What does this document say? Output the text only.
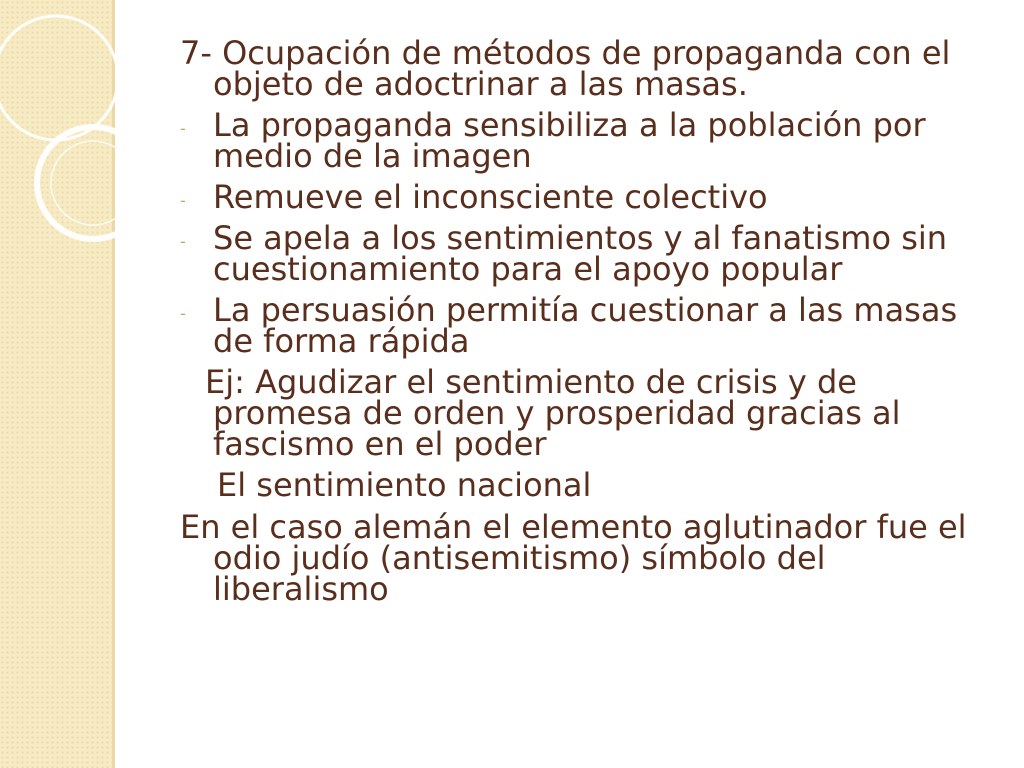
7- Ocupación de métodos de propaganda con el objeto de adoctrinar a las masas.
- La propaganda sensibiliza a la población por medio de la imagen
- Remueve el inconsciente colectivo
- Se apela a los sentimientos y al fanatismo sin cuestionamiento para el apoyo popular
- La persuasión permitía cuestionar a las masas de forma rápida
Ej: Agudizar el sentimiento de crisis y de promesa de orden y prosperidad gracias al fascismo en el poder
El sentimiento nacional
En el caso alemán el elemento aglutinador fue el odio judío (antisemitismo) símbolo del liberalismo
